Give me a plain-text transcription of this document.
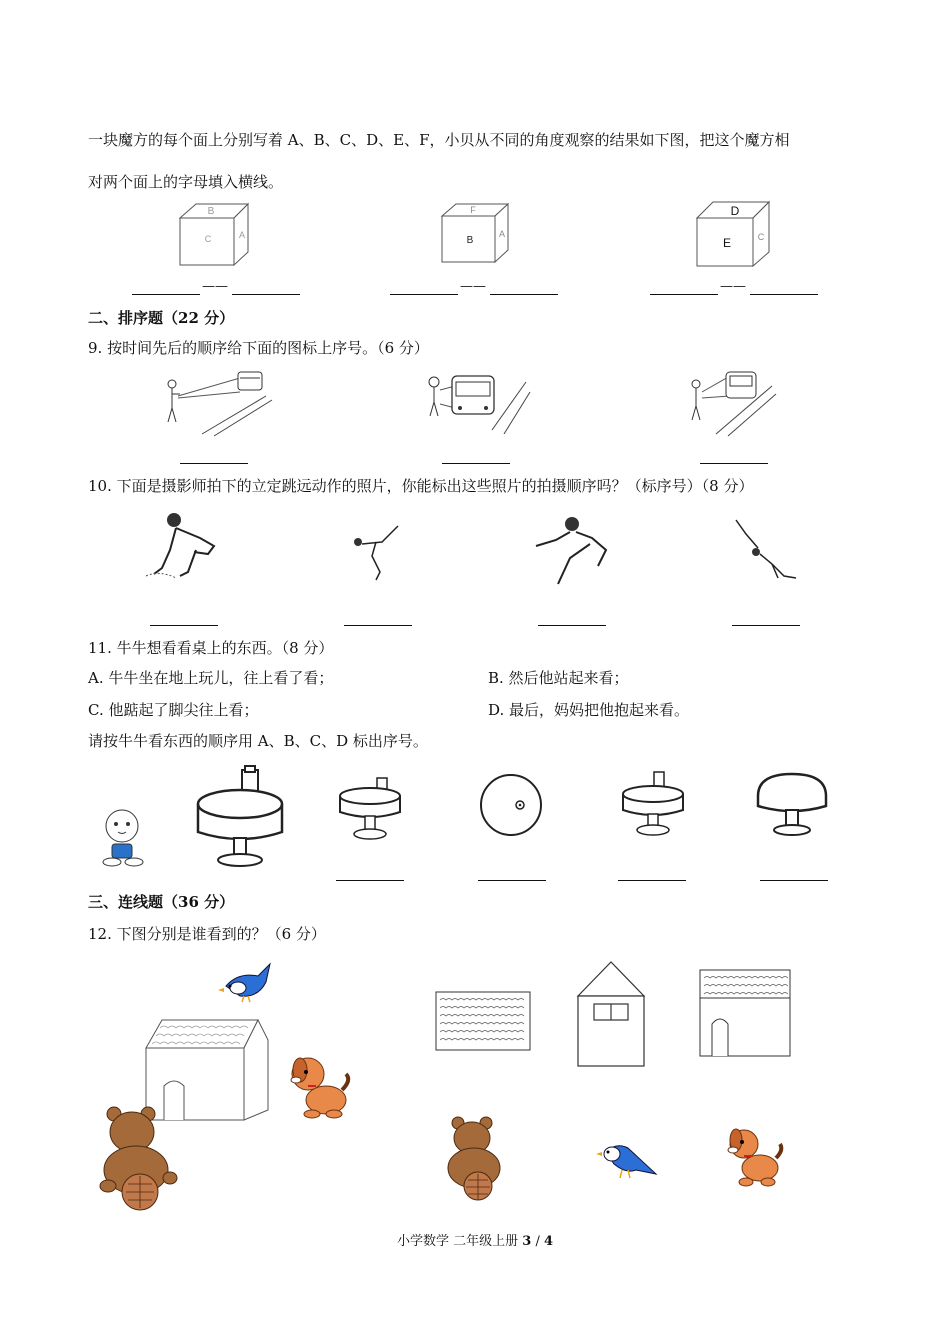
一块魔方的每个面上分别写着 A、B、C、D、E、F，小贝从不同的角度观察的结果如下图，把这个魔方相
对两个面上的字母填入横线。
B
C	A
F
B
A
D
E	C
——	——	——
二、排序题（22 分）
9. 按时间先后的顺序给下面的图标上序号。（6 分）
10. 下面是摄影师拍下的立定跳远动作的照片，你能标出这些照片的拍摄顺序吗？（标序号）（8 分）
11. 牛牛想看看桌上的东西。（8 分）
A. 牛牛坐在地上玩儿，往上看了看；	B. 然后他站起来看；
C. 他踮起了脚尖往上看；	D. 最后，妈妈把他抱起来看。
请按牛牛看东西的顺序用 A、B、C、D 标出序号。
三、连线题（36 分）
12. 下图分别是谁看到的？（6 分）
小学数学 二年级上册 3 / 4
